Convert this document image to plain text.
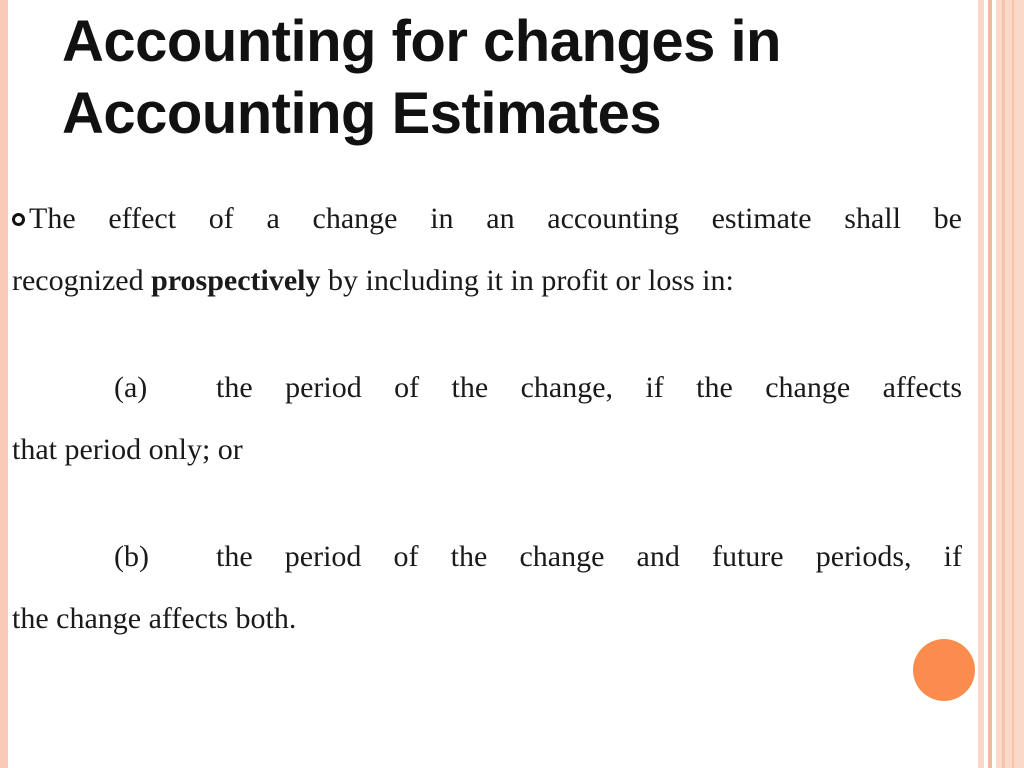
Accounting for changes in
Accounting Estimates
The effect of a change in an accounting estimate shall be
recognized prospectively by including it in profit or loss in:
(a) the period of the change, if the change affects
that period only; or
(b) the period of the change and future periods, if
the change affects both.
